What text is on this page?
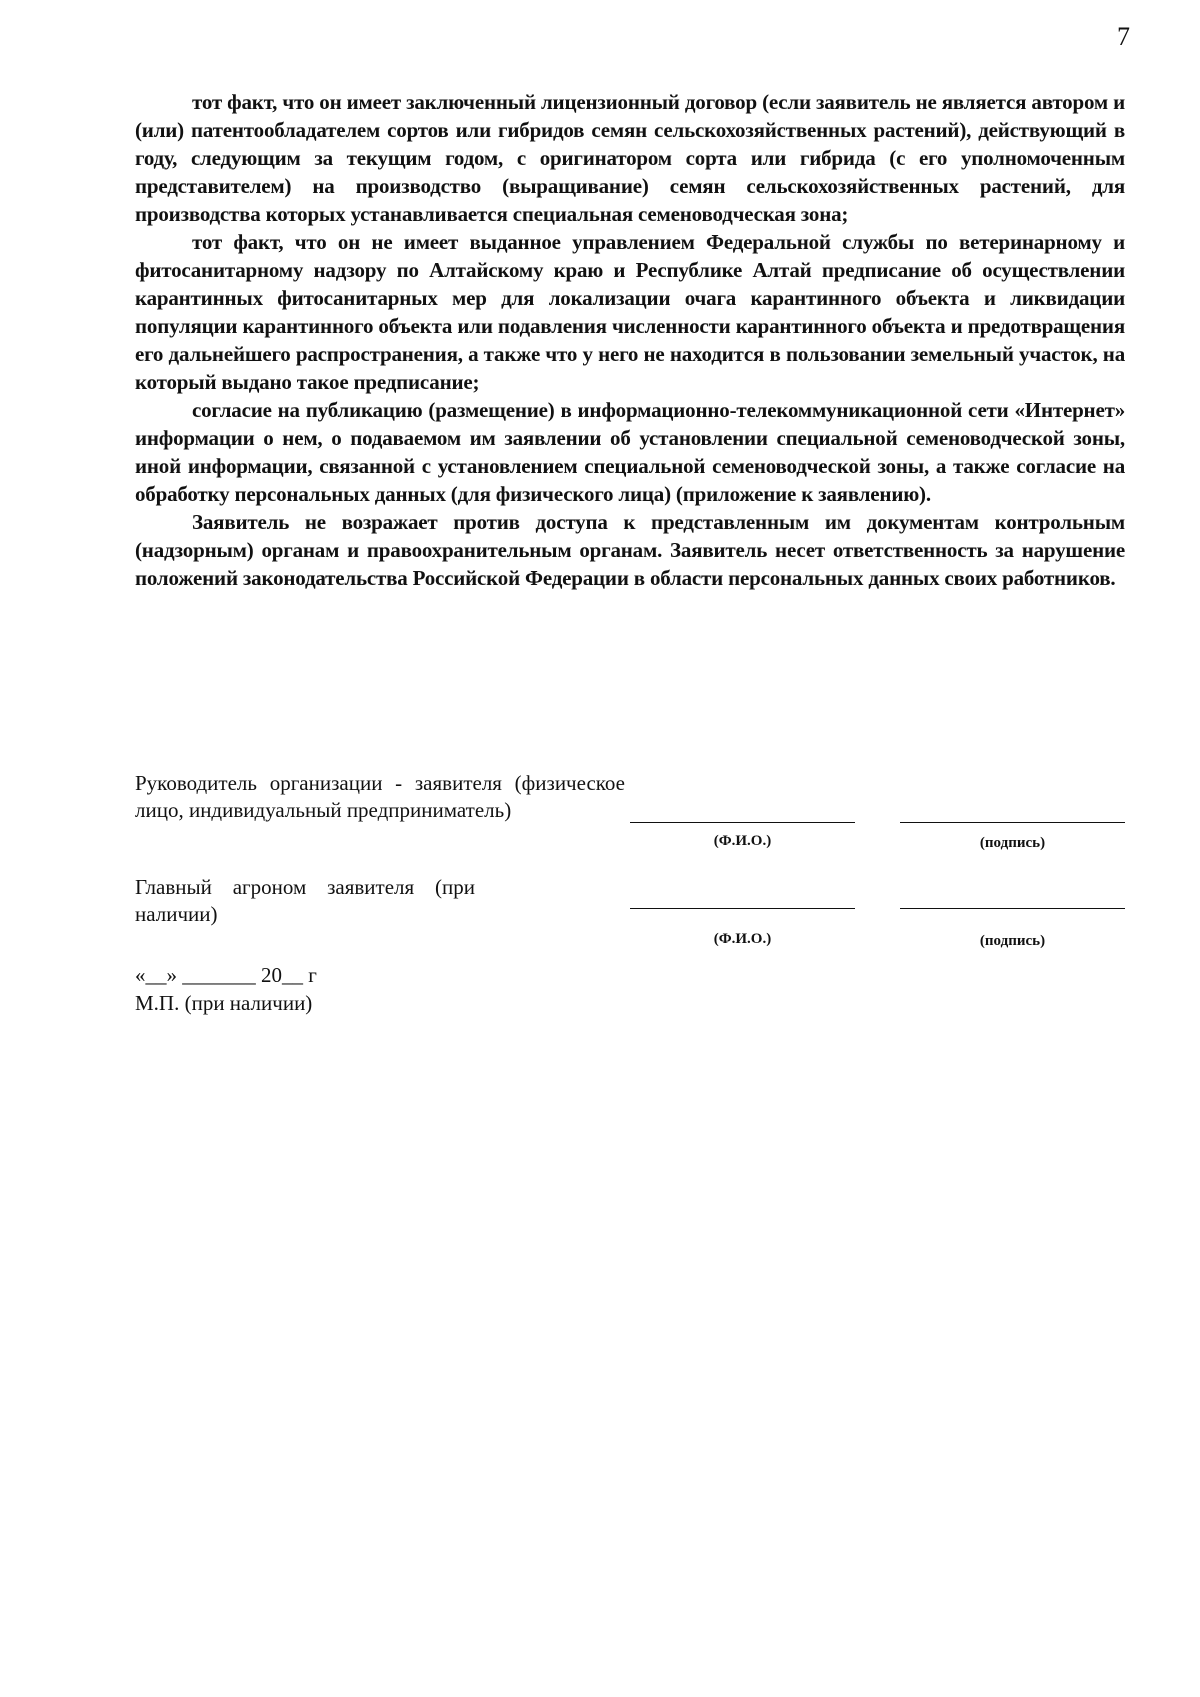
7

тот факт, что он имеет заключенный лицензионный договор (если заявитель не является автором и (или) патентообладателем сортов или гибридов семян сельскохозяйственных растений), действующий в году, следующим за текущим годом, с оригинатором сорта или гибрида (с его уполномоченным представителем) на производство (выращивание) семян сельскохозяйственных растений, для производства которых устанавливается специальная семеноводческая зона;

тот факт, что он не имеет выданное управлением Федеральной службы по ветеринарному и фитосанитарному надзору по Алтайскому краю и Республике Алтай предписание об осуществлении карантинных фитосанитарных мер для локализации очага карантинного объекта и ликвидации популяции карантинного объекта или подавления численности карантинного объекта и предотвращения его дальнейшего распространения, а также что у него не находится в пользовании земельный участок, на который выдано такое предписание;

согласие на публикацию (размещение) в информационно-телекоммуникационной сети «Интернет» информации о нем, о подаваемом им заявлении об установлении специальной семеноводческой зоны, иной информации, связанной с установлением специальной семеноводческой зоны, а также согласие на обработку персональных данных (для физического лица) (приложение к заявлению).

Заявитель не возражает против доступа к представленным им документам контрольным (надзорным) органам и правоохранительным органам. Заявитель несет ответственность за нарушение положений законодательства Российской Федерации в области персональных данных своих работников.

Руководитель организации - заявителя (физическое лицо, индивидуальный предприниматель)
(Ф.И.О.)	(подпись)
Главный агроном заявителя (при наличии)
(Ф.И.О.)	(подпись)
«__» _______ 20__ г
М.П. (при наличии)
